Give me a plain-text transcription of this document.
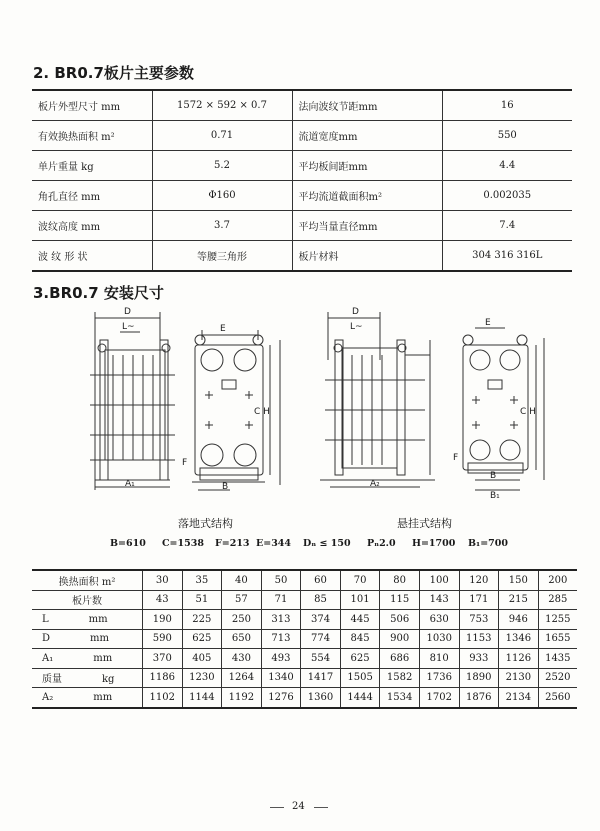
2. BR0.7板片主要参数
板片外型尺寸 mm	1572 × 592 × 0.7	法向波纹节距mm	16
有效换热面积 m²	0.71	流道宽度mm	550
单片重量 kg	5.2	平均板间距mm	4.4
角孔直径 mm	Φ160	平均流道截面积m²	0.002035
波纹高度 mm	3.7	平均当量直径mm	7.4
波 纹 形 状	等腰三角形	板片材料	304 316 316L
3.BR0.7 安装尺寸
D
L~
A₁
E
C H
F
B
D
L~
A₂
E
C H
F
B
B₁
落地式结构	悬挂式结构
B=610 C=1538 F=213 E=344 Dₙ ≤ 150 Pₙ2.0 H=1700 B₁=700
换热面积 m²	30	35	40	50	60	70	80	100	120	150	200
板片数	43	51	57	71	85	101	115	143	171	215	285
L mm	190	225	250	313	374	445	506	630	753	946	1255
D mm	590	625	650	713	774	845	900	1030	1153	1346	1655
A₁ mm	370	405	430	493	554	625	686	810	933	1126	1435
质量 kg	1186	1230	1264	1340	1417	1505	1582	1736	1890	2130	2520
A₂ mm	1102	1144	1192	1276	1360	1444	1534	1702	1876	2134	2560
24
